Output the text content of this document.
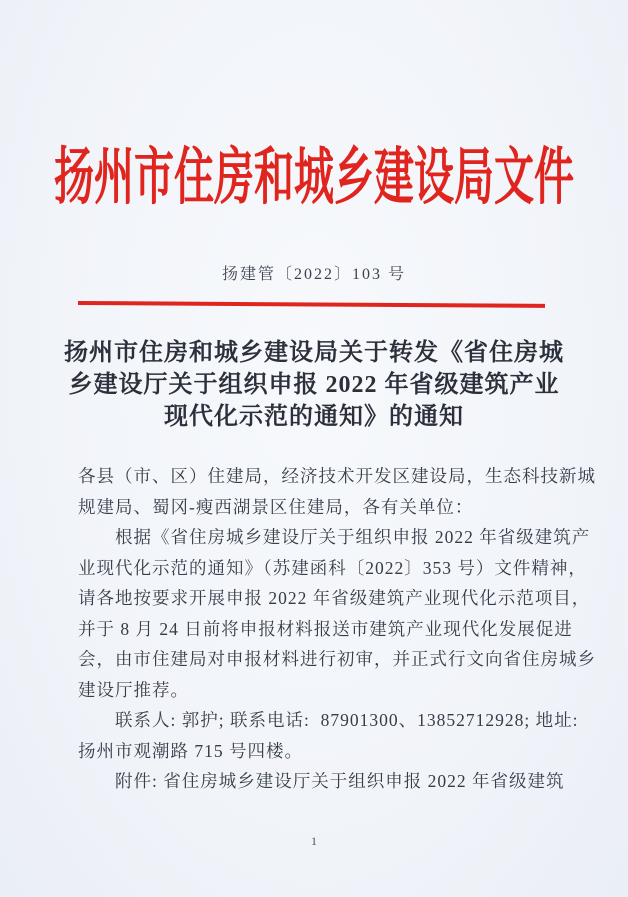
扬州市住房和城乡建设局文件
扬建管〔2022〕103 号
扬州市住房和城乡建设局关于转发《省住房城
乡建设厅关于组织申报 2022 年省级建筑产业
现代化示范的通知》的通知
各县（市、区）住建局，经济技术开发区建设局，生态科技新城
规建局、蜀冈-瘦西湖景区住建局，各有关单位：
　　根据《省住房城乡建设厅关于组织申报 2022 年省级建筑产
业现代化示范的通知》（苏建函科〔2022〕353 号）文件精神，
请各地按要求开展申报 2022 年省级建筑产业现代化示范项目，
并于 8 月 24 日前将申报材料报送市建筑产业现代化发展促进
会，由市住建局对申报材料进行初审，并正式行文向省住房城乡
建设厅推荐。
　　联系人: 郭护; 联系电话:  87901300、13852712928; 地址:
扬州市观潮路 715 号四楼。
　　附件: 省住房城乡建设厅关于组织申报 2022 年省级建筑
1
